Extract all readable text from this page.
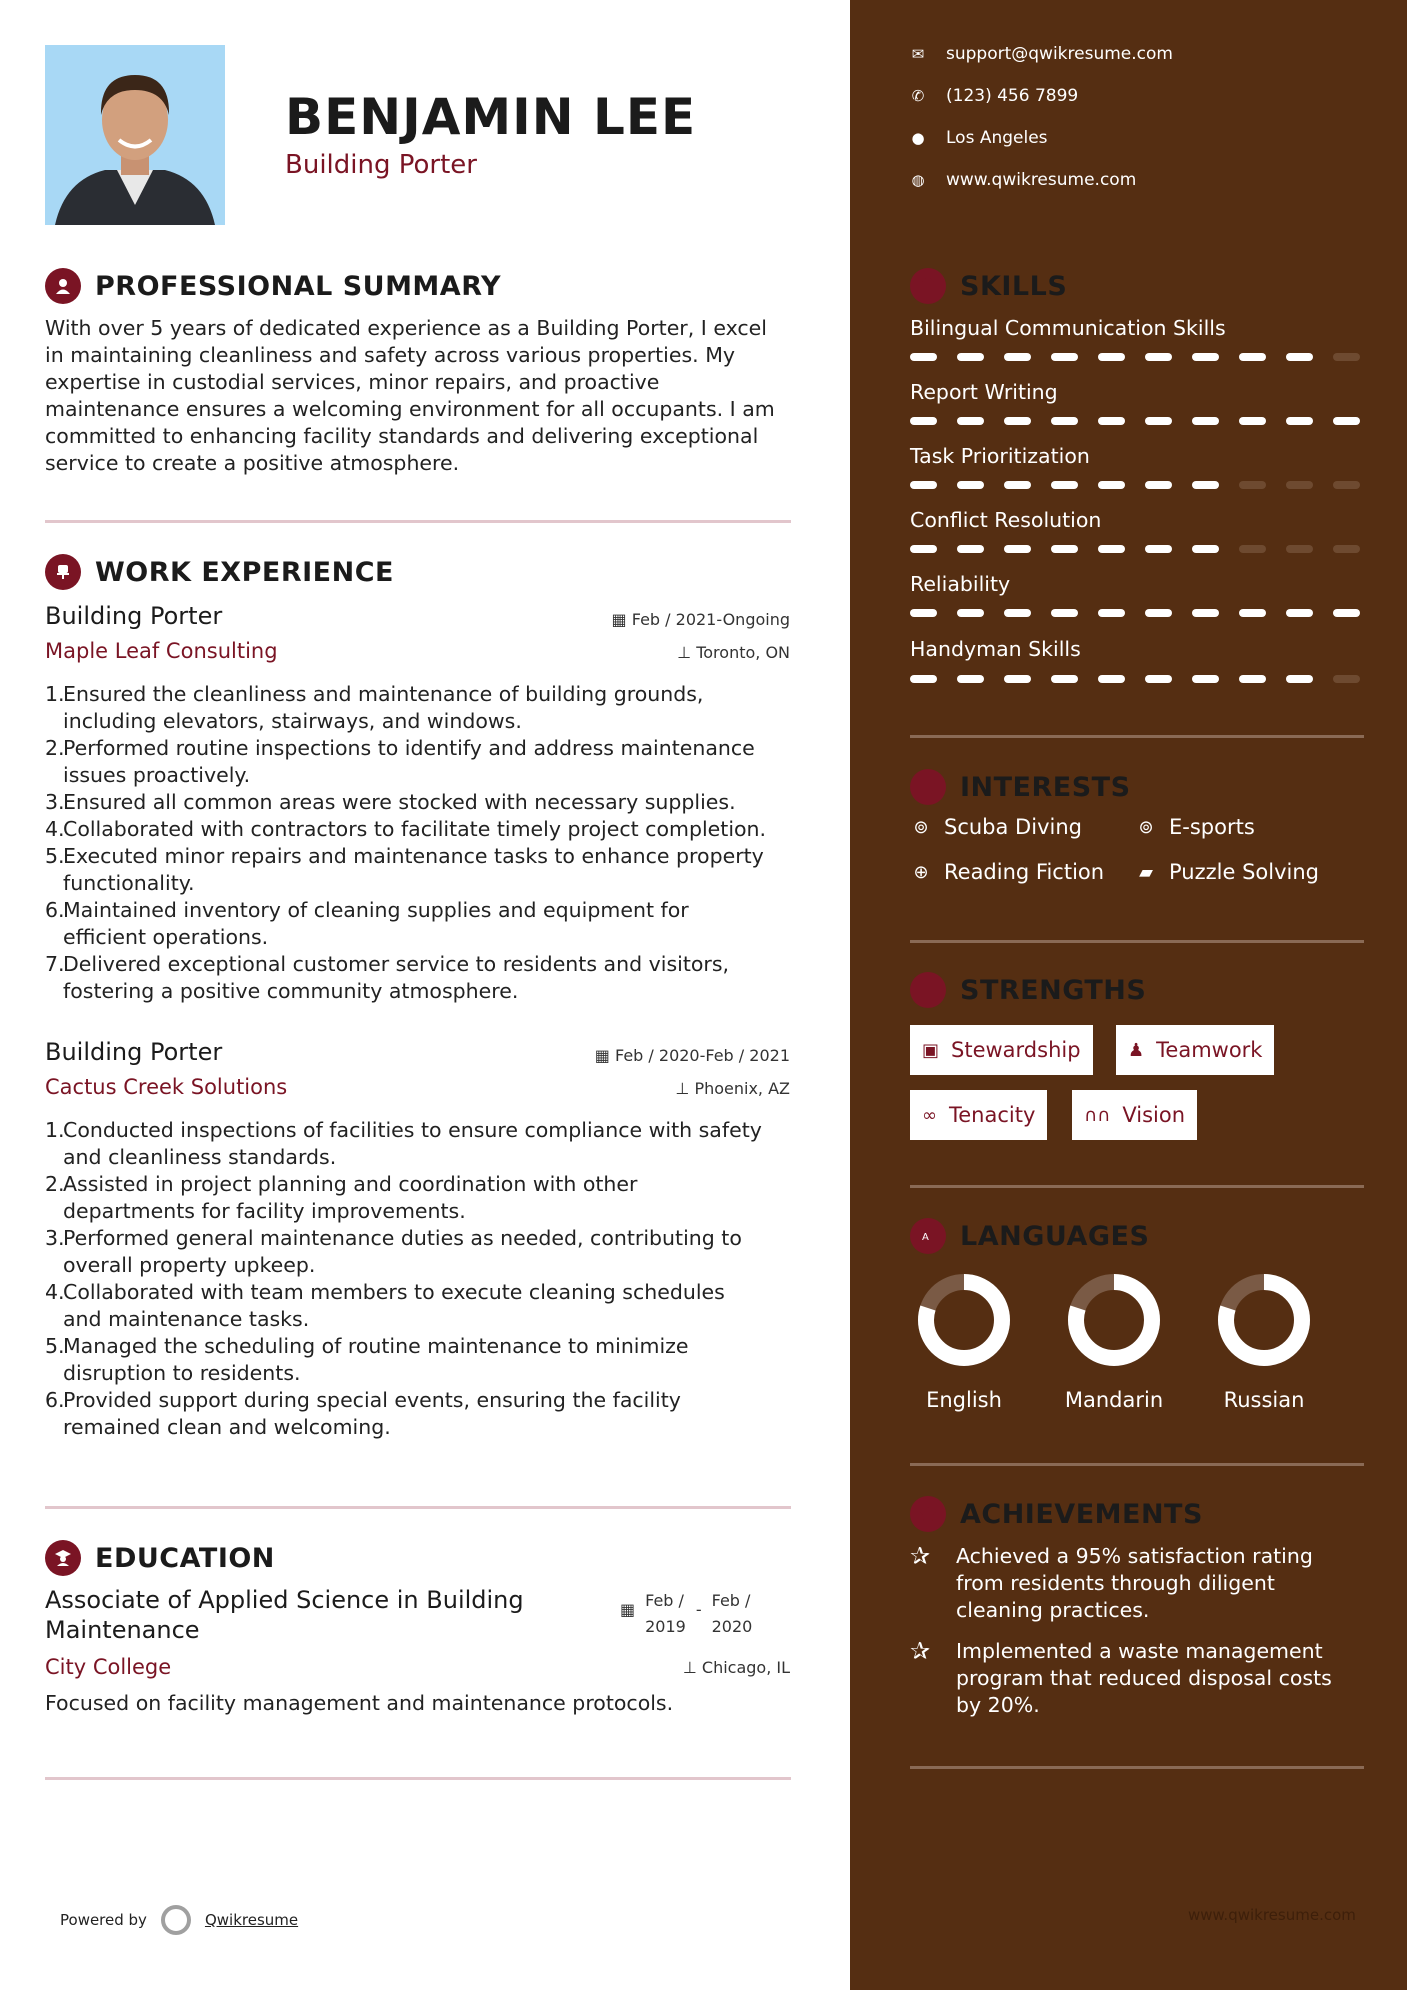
BENJAMIN LEE
Building Porter
PROFESSIONAL SUMMARY
With over 5 years of dedicated experience as a Building Porter, I excel in maintaining cleanliness and safety across various properties. My expertise in custodial services, minor repairs, and proactive maintenance ensures a welcoming environment for all occupants. I am committed to enhancing facility standards and delivering exceptional service to create a positive atmosphere.
WORK EXPERIENCE
Building Porter	▦ Feb / 2021-Ongoing
Maple Leaf Consulting	⊥ Toronto, ON
1.
Ensured the cleanliness and maintenance of building grounds,
including elevators, stairways, and windows.
2.
Performed routine inspections to identify and address maintenance
issues proactively.
3.
Ensured all common areas were stocked with necessary supplies.
4.
Collaborated with contractors to facilitate timely project completion.
5.
Executed minor repairs and maintenance tasks to enhance property
functionality.
6.
Maintained inventory of cleaning supplies and equipment for
efficient operations.
7.
Delivered exceptional customer service to residents and visitors,
fostering a positive community atmosphere.
Building Porter	▦ Feb / 2020-Feb / 2021
Cactus Creek Solutions	⊥ Phoenix, AZ
1.
Conducted inspections of facilities to ensure compliance with safety
and cleanliness standards.
2.
Assisted in project planning and coordination with other
departments for facility improvements.
3.
Performed general maintenance duties as needed, contributing to
overall property upkeep.
4.
Collaborated with team members to execute cleaning schedules
and maintenance tasks.
5.
Managed the scheduling of routine maintenance to minimize
disruption to residents.
6.
Provided support during special events, ensuring the facility
remained clean and welcoming.
EDUCATION
Associate of Applied Science in Building
Maintenance
▦ Feb /
2019
- Feb /
2020
City College	⊥ Chicago, IL
Focused on facility management and maintenance protocols.
Powered by	Qwikresume
✉ support@qwikresume.com
✆ (123) 456 7899
● Los Angeles
◍ www.qwikresume.com
SKILLS
Bilingual Communication Skills
Report Writing
Task Prioritization
Conflict Resolution
Reliability
Handyman Skills
INTERESTS
⊚ Scuba Diving	⊚ E-sports
⊕ Reading Fiction ▰ Puzzle Solving
STRENGTHS
▣ Stewardship	♟ Teamwork
∞ Tenacity	∩∩ Vision
A LANGUAGES
English	Mandarin	Russian
ACHIEVEMENTS
✰	Achieved a 95% satisfaction rating
from residents through diligent
cleaning practices.
✰	Implemented a waste management
program that reduced disposal costs
by 20%.
www.qwikresume.com
